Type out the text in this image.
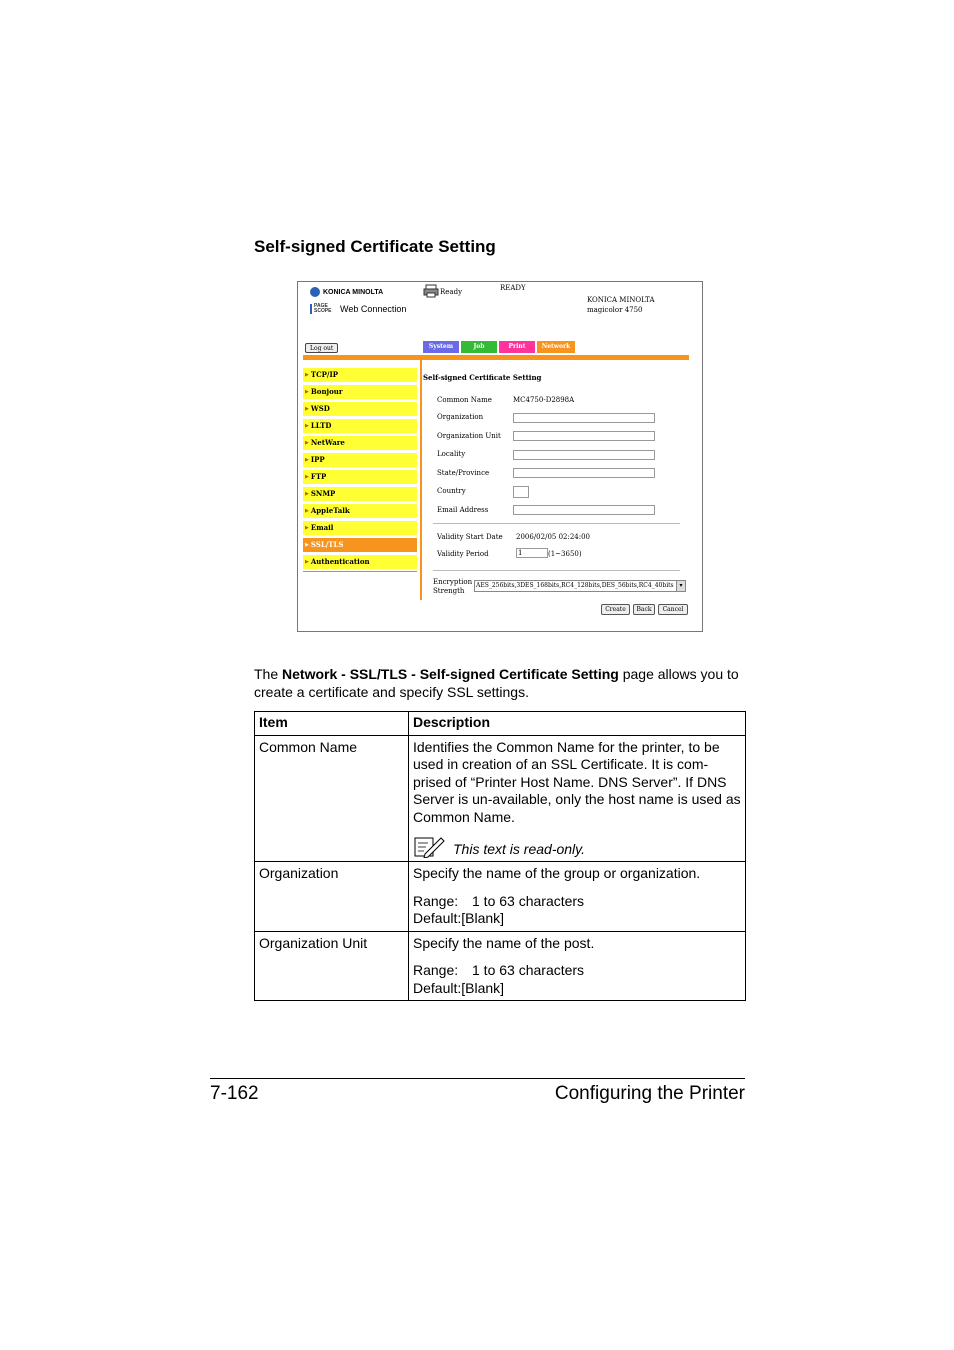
Self-signed Certificate Setting
KONICA MINOLTA
PAGE SCOPE Web Connection
Ready	READY
KONICA MINOLTA
magicolor 4750
Log out	System	Job	Print	Network
▶ TCP/IP
▶ Bonjour
▶ WSD
▶ LLTD
▶ NetWare
▶ IPP
▶ FTP
▶ SNMP
▶ AppleTalk
▶ Email
▶ SSL/TLS
▶ Authentication
Self-signed Certificate Setting
Common Name	MC4750-D2898A
Organization
Organization Unit
Locality
State/Province
Country
Email Address
Validity Start Date 2006/02/05 02:24:00
Validity Period	1	(1~3650)
Encryption
Strength
AES_256bits,3DES_168bits,RC4_128bits,DES_56bits,RC4_40bits ▾
Create	Back	Cancel
The Network - SSL/TLS - Self-signed Certificate Setting page allows you to create a certificate and specify SSL settings.
Item	Description
Common Name	Identifies the Common Name for the printer, to be used in creation of an SSL Certificate. It is com- prised of “Printer Host Name. DNS Server”. If DNS Server is un-available, only the host name is used as Common Name.
This text is read-only.

Organization	Specify the name of the group or organization.
Range: 1 to 63 characters
Default:[Blank]

Organization Unit	Specify the name of the post.
Range: 1 to 63 characters
Default:[Blank]
7-162	Configuring the Printer
